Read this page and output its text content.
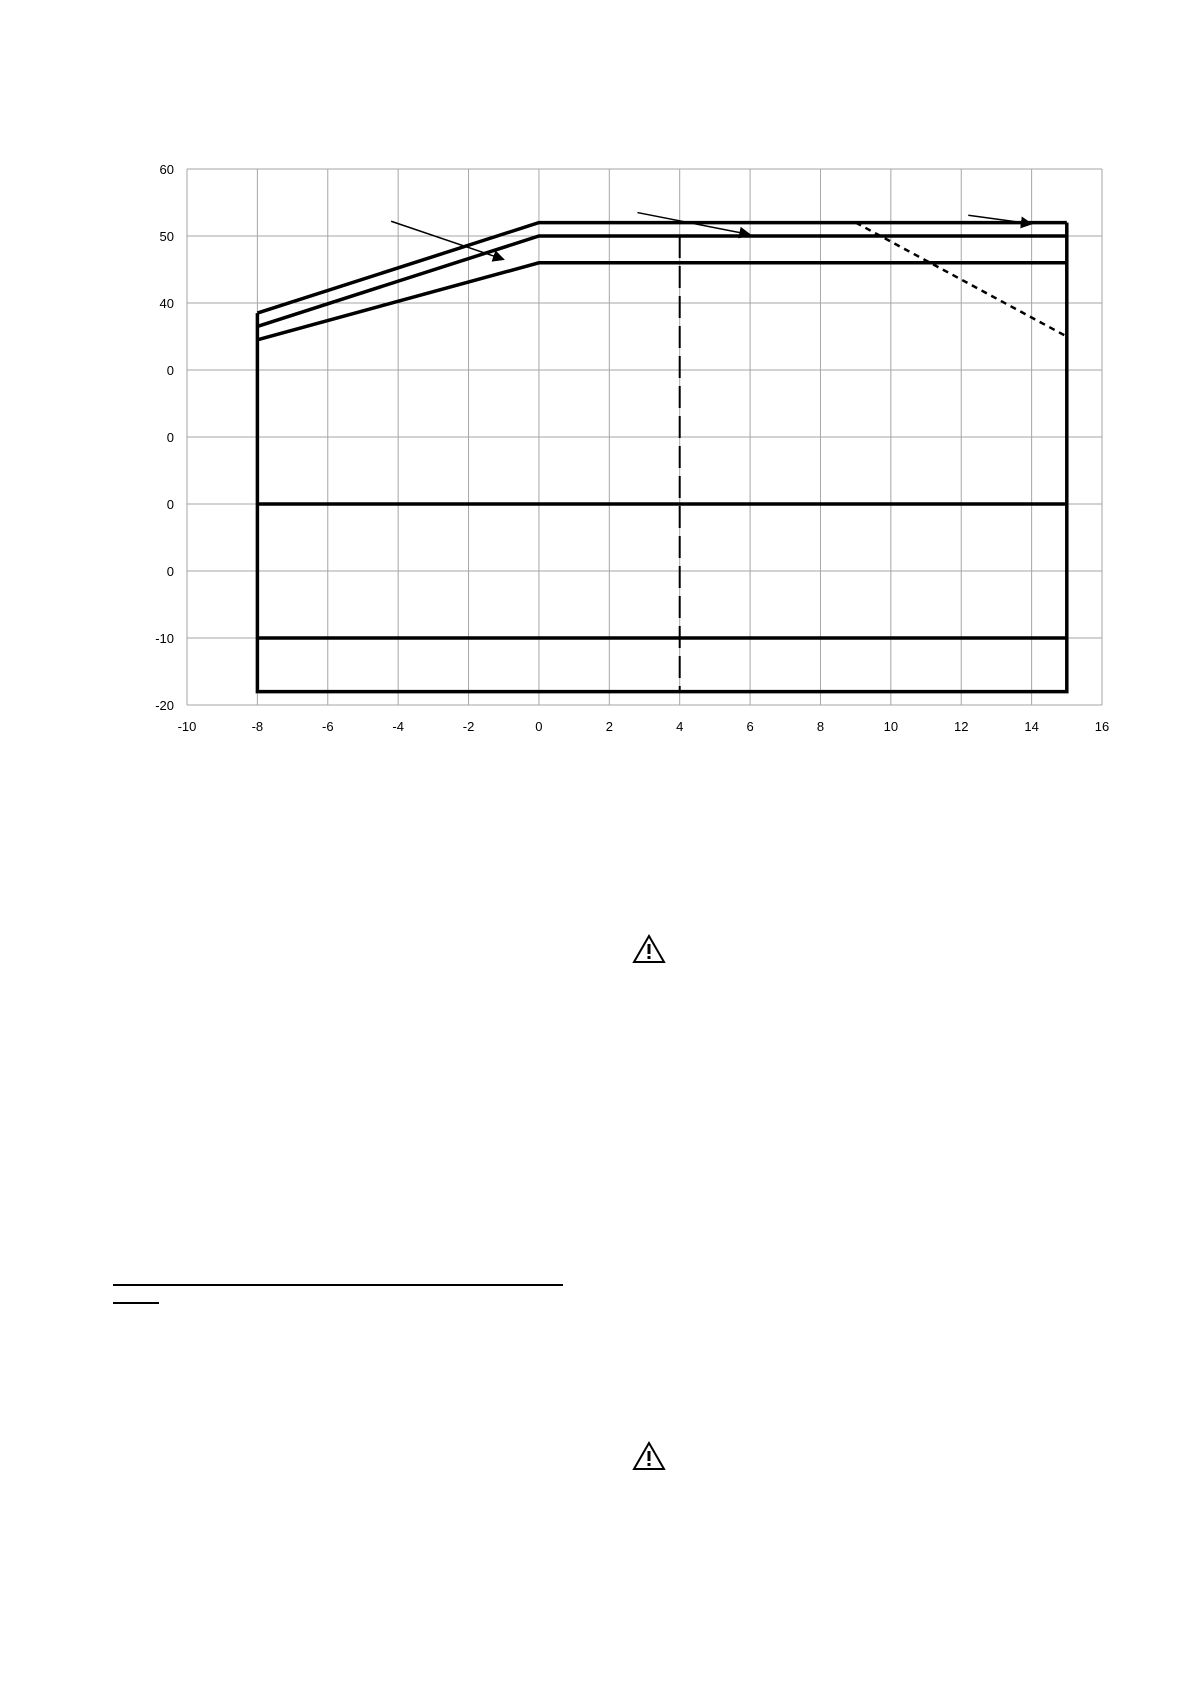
-10	-8	-6	-4	-2	0	2	4	6	8	10	12	14	16
60
50
40
0
0
0
0
-10
-20
